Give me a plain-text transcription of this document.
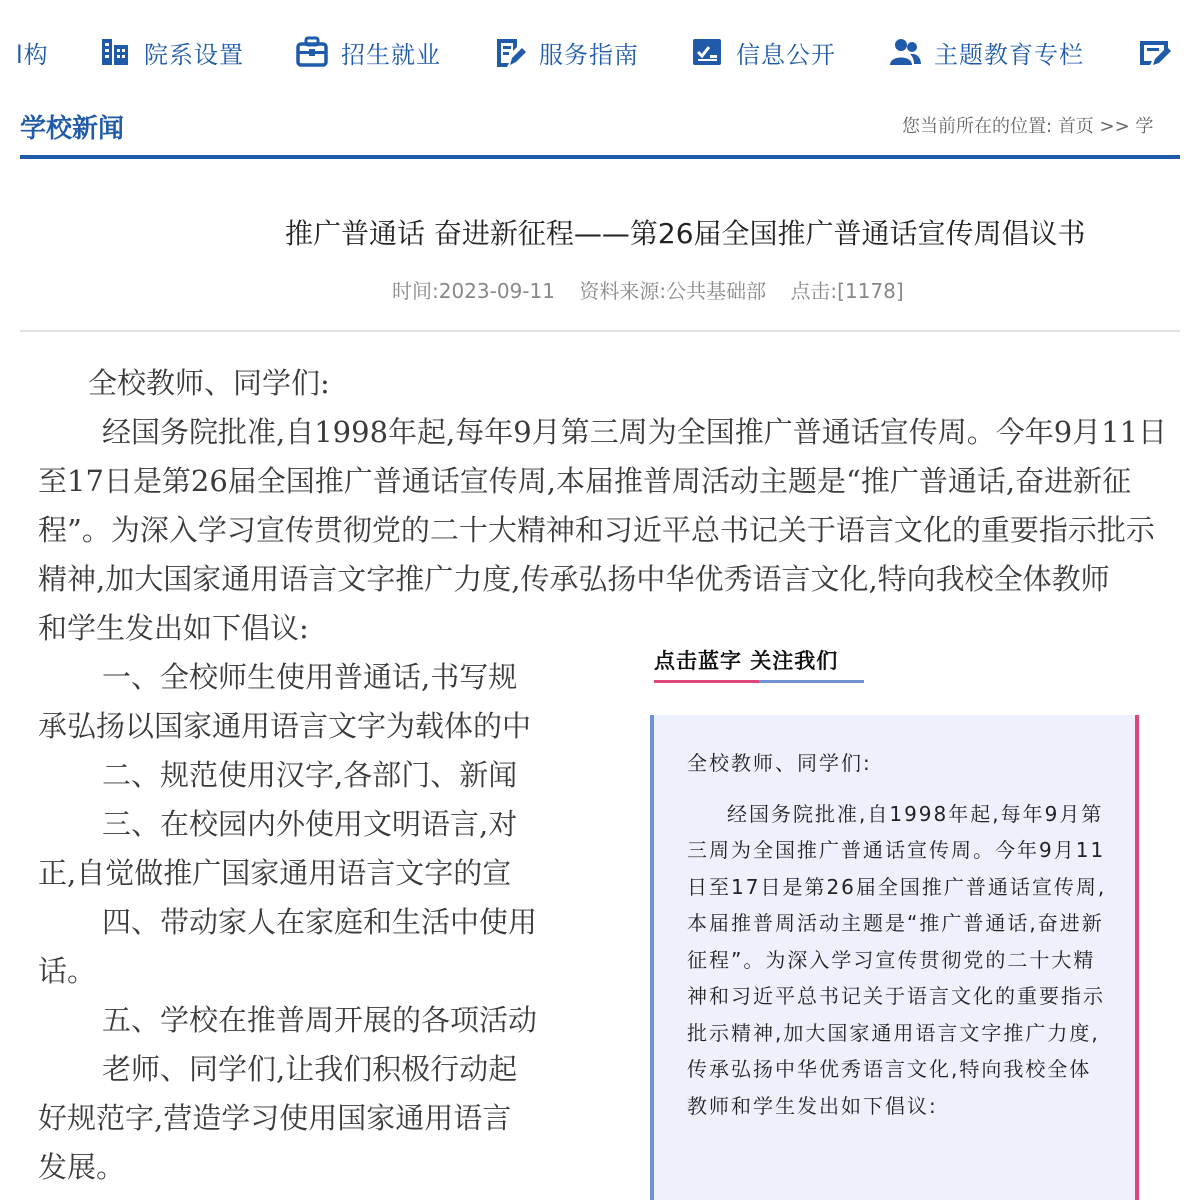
l构	院系设置	招生就业	服务指南	信息公开	主题教育专栏
学校新闻	您当前所在的位置: 首页 >> 学
推广普通话 奋进新征程——第26届全国推广普通话宣传周倡议书
时间:2023-09-11 资料来源:公共基础部 点击:[1178]
全校教师、同学们:
经国务院批准,自1998年起,每年9月第三周为全国推广普通话宣传周。今年9月11日
至17日是第26届全国推广普通话宣传周,本届推普周活动主题是“推广普通话,奋进新征
程”。为深入学习宣传贯彻党的二十大精神和习近平总书记关于语言文化的重要指示批示
精神,加大国家通用语言文字推广力度,传承弘扬中华优秀语言文化,特向我校全体教师
和学生发出如下倡议:
一、全校师生使用普通话,书写规
承弘扬以国家通用语言文字为载体的中
二、规范使用汉字,各部门、新闻
三、在校园内外使用文明语言,对
正,自觉做推广国家通用语言文字的宣
四、带动家人在家庭和生活中使用
话。
五、学校在推普周开展的各项活动
老师、同学们,让我们积极行动起
好规范字,营造学习使用国家通用语言
发展。
点击蓝字 关注我们
全校教师、同学们:
经国务院批准,自1998年起,每年9月第三周为全国推广普通话宣传周。今年9月11日至17日是第26届全国推广普通话宣传周,本届推普周活动主题是“推广普通话,奋进新征程”。为深入学习宣传贯彻党的二十大精神和习近平总书记关于语言文化的重要指示批示精神,加大国家通用语言文字推广力度,传承弘扬中华优秀语言文化,特向我校全体教师和学生发出如下倡议:
